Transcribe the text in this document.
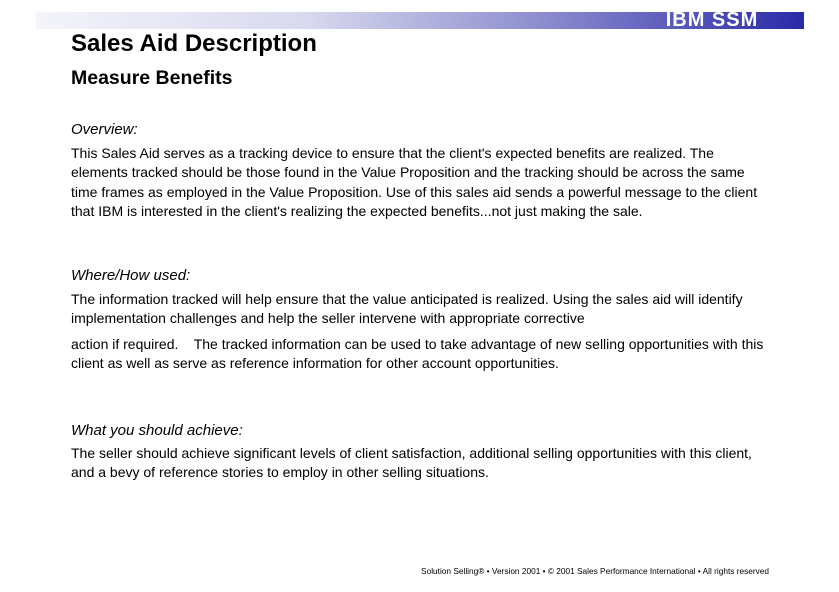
IBM SSM
Sales Aid Description
Measure Benefits
Overview:

This Sales Aid serves as a tracking device to ensure that the client's expected benefits are realized. The elements tracked should be those found in the Value Proposition and the tracking should be across the same time frames as employed in the Value Proposition. Use of this sales aid sends a powerful message to the client that IBM is interested in the client's realizing the expected benefits...not just making the sale.

Where/How used:

The information tracked will help ensure that the value anticipated is realized. Using the sales aid will identify implementation challenges and help the seller intervene with appropriate corrective

action if required.    The tracked information can be used to take advantage of new selling opportunities with this client as well as serve as reference information for other account opportunities.

What you should achieve:

The seller should achieve significant levels of client satisfaction, additional selling opportunities with this client, and a bevy of reference stories to employ in other selling situations.

Solution Selling® • Version 2001 • © 2001 Sales Performance International • All rights reserved
